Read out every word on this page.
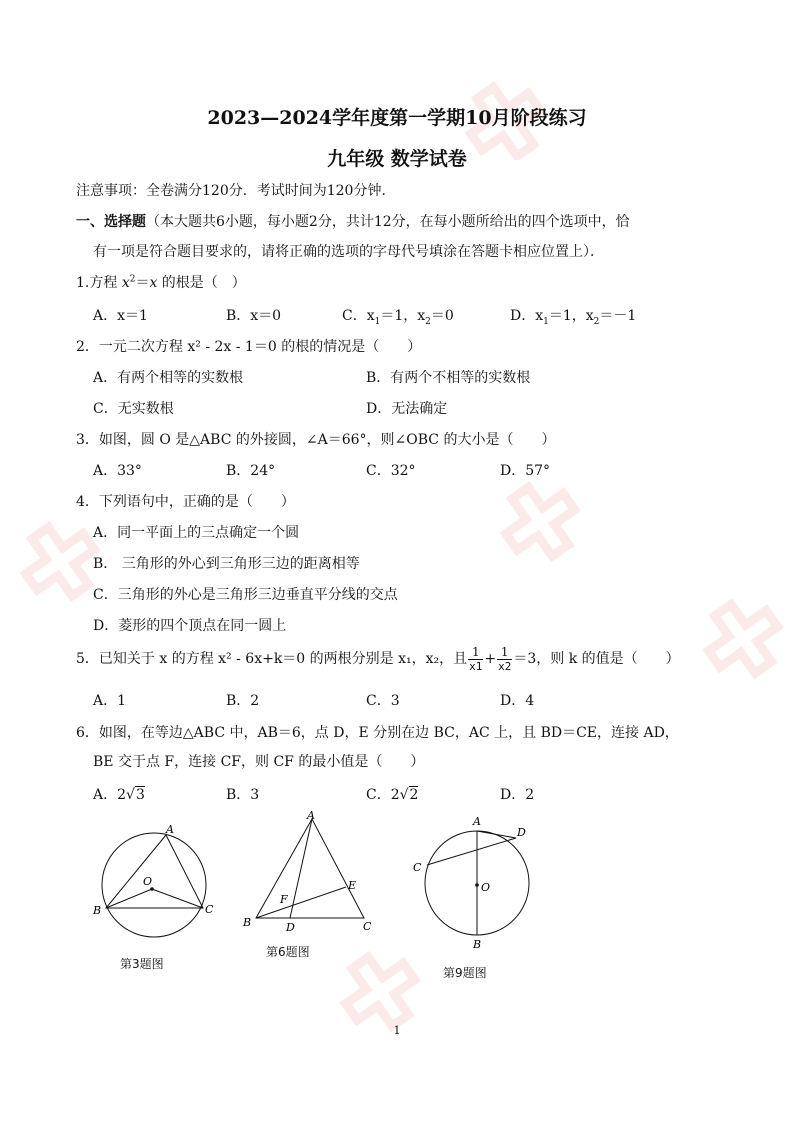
2023—2024学年度第一学期10月阶段练习
九年级 数学试卷
注意事项：全卷满分120分．考试时间为120分钟．
一、选择题（本大题共6小题，每小题2分，共计12分，在每小题所给出的四个选项中，恰
有一项是符合题目要求的，请将正确的选项的字母代号填涂在答题卡相应位置上）．
1.方程 $x^2=x$ 的根是（　）
A．x＝1	B．x＝0	C．$x_1=1$，$x_2=0$	D．$x_1=1$，$x_2=-1$
2．一元二次方程 x² - 2x - 1＝0 的根的情况是（　　）
A．有两个相等的实数根	B．有两个不相等的实数根
C．无实数根	D．无法确定
3．如图，圆 O 是△ABC 的外接圆，∠A＝66°，则∠OBC 的大小是（　　）
A．33°	B．24°	C．32°	D．57°
4．下列语句中，正确的是（　　）
A．同一平面上的三点确定一个圆
B． 三角形的外心到三角形三边的距离相等
C．三角形的外心是三角形三边垂直平分线的交点
D．菱形的四个顶点在同一圆上
5．已知关于 x 的方程 x² - 6x+k＝0 的两根分别是 x₁，x₂，且 $\frac{1}{x1} + \frac{1}{x2} =3$，则 k 的值是（　　）
A．1	B．2	C．3	D．4
6．如图，在等边△ABC 中，AB＝6，点 D，E 分别在边 BC，AC 上，且 BD＝CE，连接 AD，
BE 交于点 F，连接 CF，则 CF 的最小值是（　　）
A．2√3	B．3	C．2√2	D．2
A
O
B	C
第3题图
A
E
F
B	D	C
第6题图
A
D
C
O
B
第9题图
1
